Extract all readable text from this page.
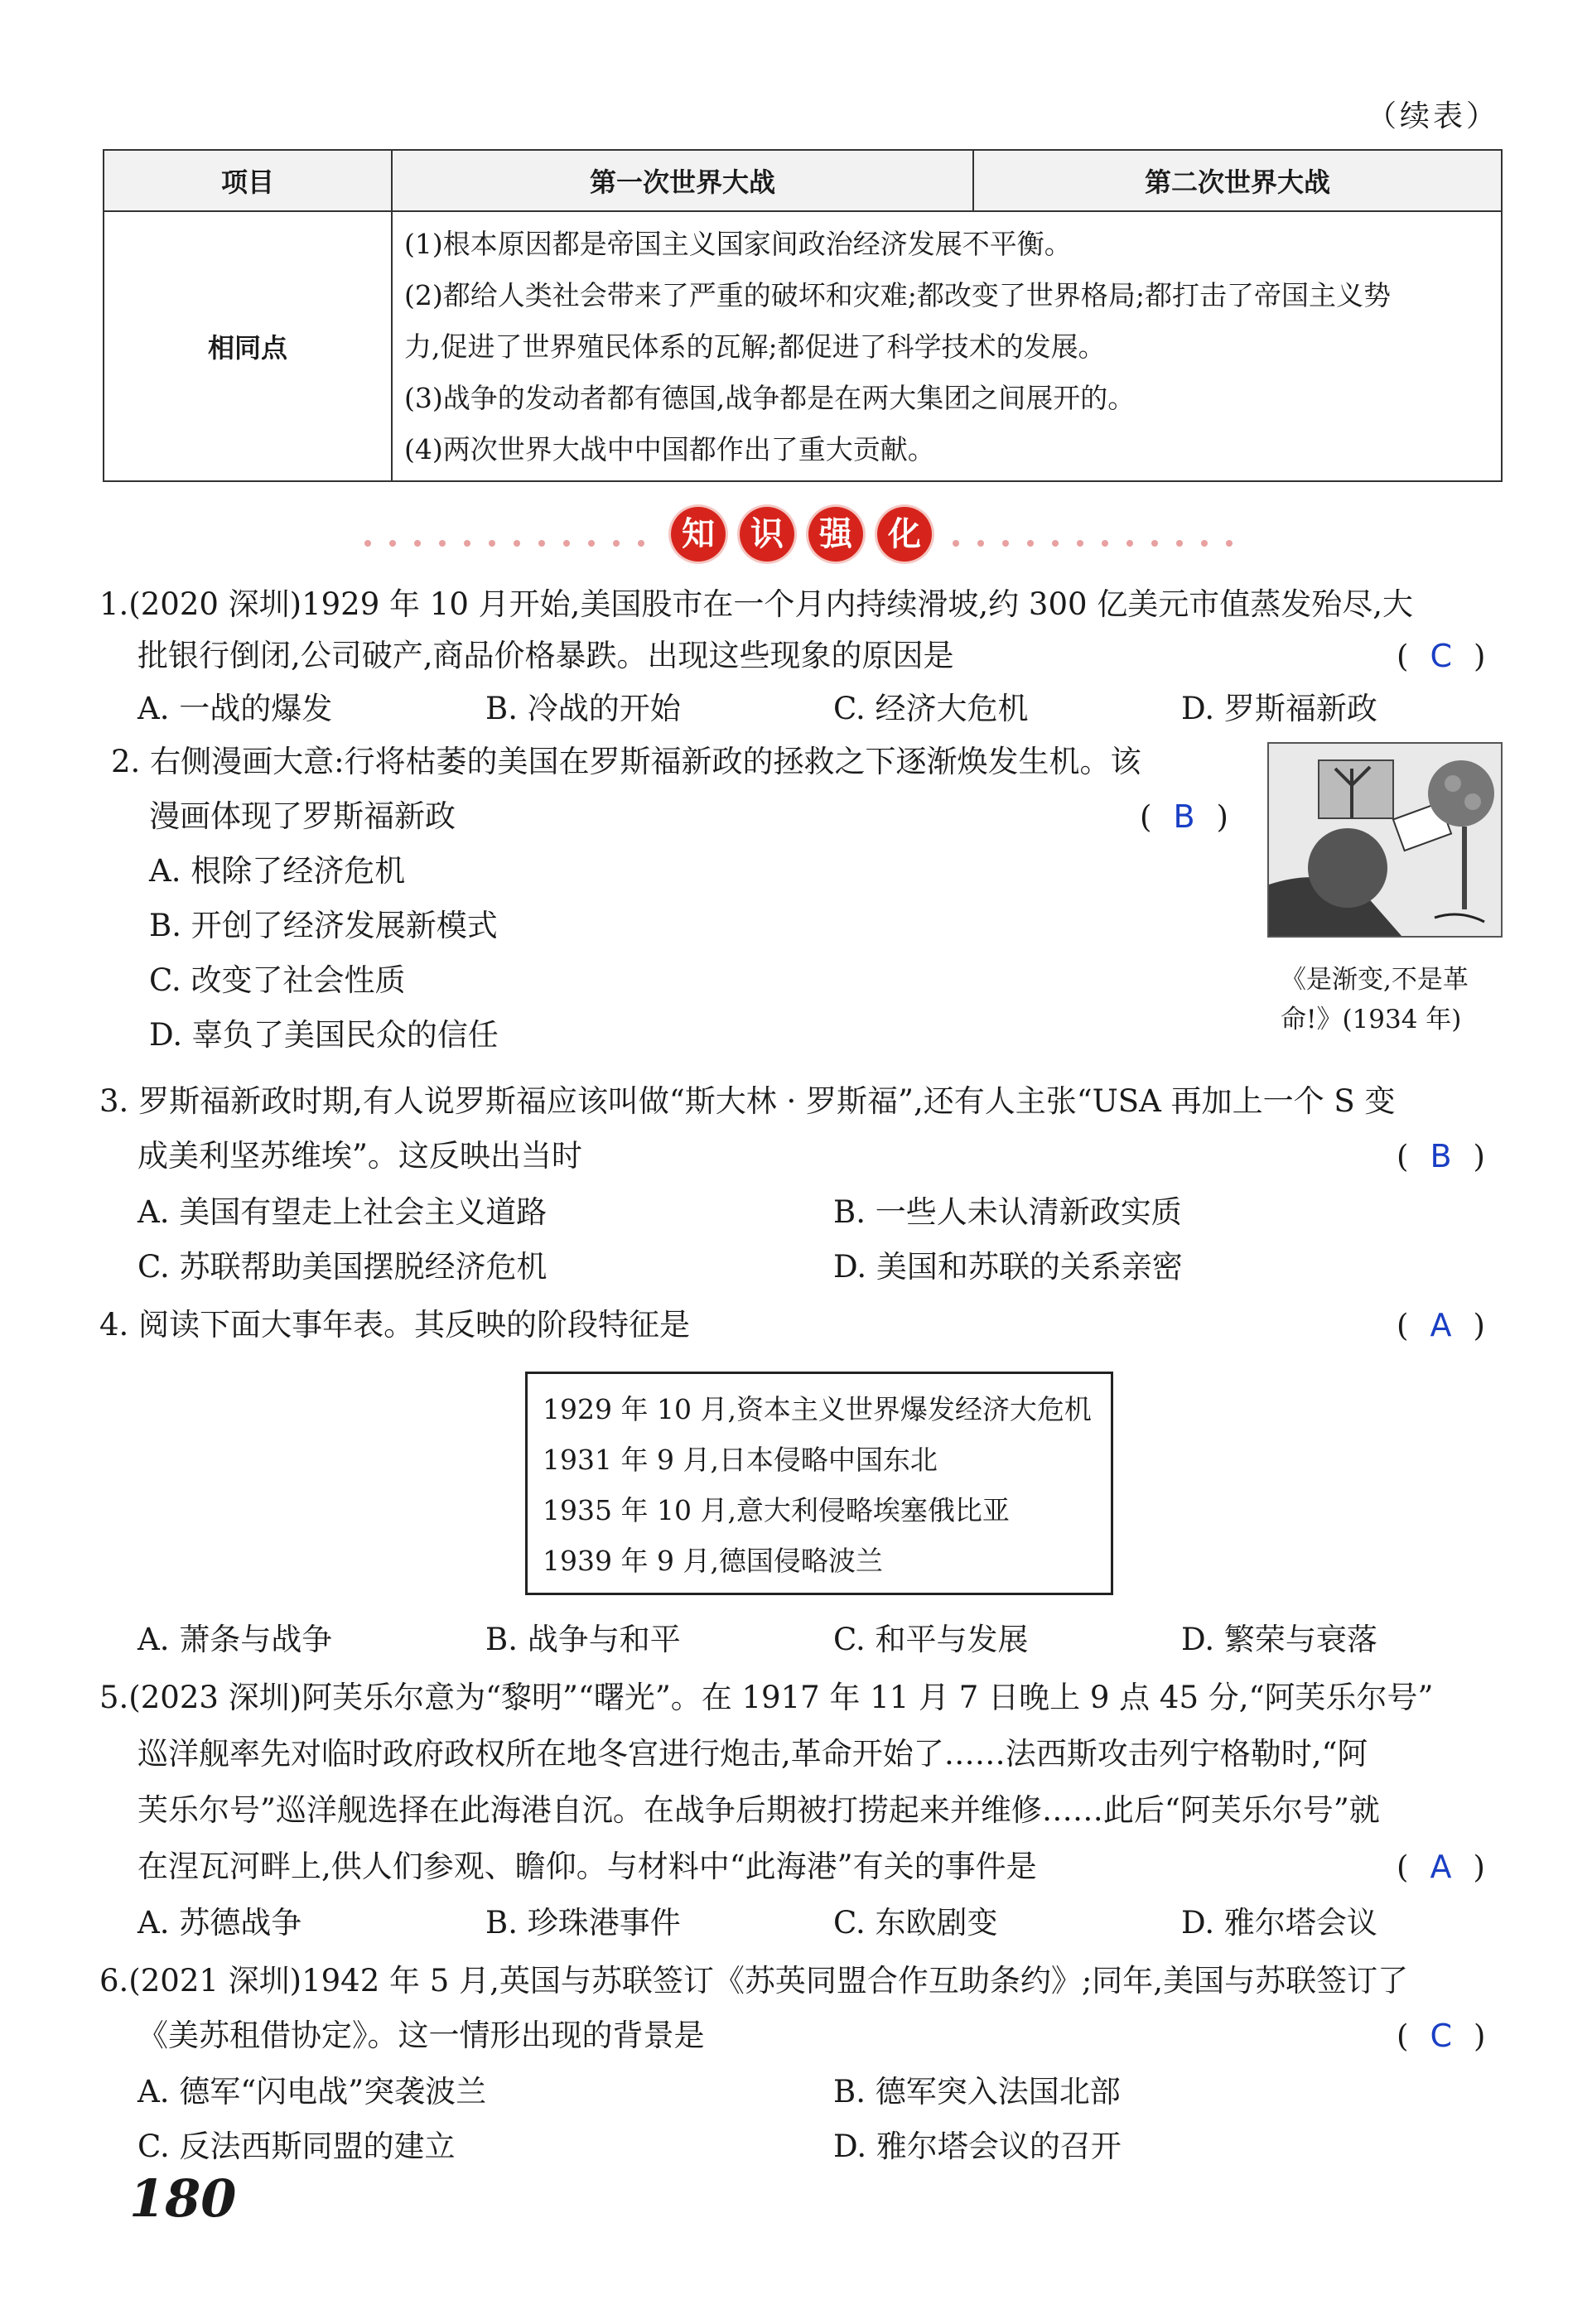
（续表）
项目	第一次世界大战	第二次世界大战
相同点	(1)根本原因都是帝国主义国家间政治经济发展不平衡。
(2)都给人类社会带来了严重的破坏和灾难;都改变了世界格局;都打击了帝国主义势
力,促进了世界殖民体系的瓦解;都促进了科学技术的发展。
(3)战争的发动者都有德国,战争都是在两大集团之间展开的。
(4)两次世界大战中中国都作出了重大贡献。	
知	识	强	化
1.(2020 深圳)1929 年 10 月开始,美国股市在一个月内持续滑坡,约 300 亿美元市值蒸发殆尽,大
批银行倒闭,公司破产,商品价格暴跌。出现这些现象的原因是	( C )
A. 一战的爆发	B. 冷战的开始	C. 经济大危机	D. 罗斯福新政
2. 右侧漫画大意:行将枯萎的美国在罗斯福新政的拯救之下逐渐焕发生机。该
漫画体现了罗斯福新政	( B )
A. 根除了经济危机
B. 开创了经济发展新模式
C. 改变了社会性质
D. 辜负了美国民众的信任
《是渐变,不是革
命!》(1934 年)
3. 罗斯福新政时期,有人说罗斯福应该叫做“斯大林 · 罗斯福”,还有人主张“USA 再加上一个 S 变
成美利坚苏维埃”。这反映出当时	( B )
A. 美国有望走上社会主义道路	B. 一些人未认清新政实质
C. 苏联帮助美国摆脱经济危机	D. 美国和苏联的关系亲密
4. 阅读下面大事年表。其反映的阶段特征是	( A )
1929 年 10 月,资本主义世界爆发经济大危机
1931 年 9 月,日本侵略中国东北
1935 年 10 月,意大利侵略埃塞俄比亚
1939 年 9 月,德国侵略波兰
A. 萧条与战争	B. 战争与和平	C. 和平与发展	D. 繁荣与衰落
5.(2023 深圳)阿芙乐尔意为“黎明”“曙光”。在 1917 年 11 月 7 日晚上 9 点 45 分,“阿芙乐尔号”
巡洋舰率先对临时政府政权所在地冬宫进行炮击,革命开始了……法西斯攻击列宁格勒时,“阿
芙乐尔号”巡洋舰选择在此海港自沉。在战争后期被打捞起来并维修……此后“阿芙乐尔号”就
在涅瓦河畔上,供人们参观、瞻仰。与材料中“此海港”有关的事件是	( A )
A. 苏德战争	B. 珍珠港事件	C. 东欧剧变	D. 雅尔塔会议
6.(2021 深圳)1942 年 5 月,英国与苏联签订《苏英同盟合作互助条约》;同年,美国与苏联签订了
《美苏租借协定》。这一情形出现的背景是	( C )
A. 德军“闪电战”突袭波兰	B. 德军突入法国北部
C. 反法西斯同盟的建立	D. 雅尔塔会议的召开
180
